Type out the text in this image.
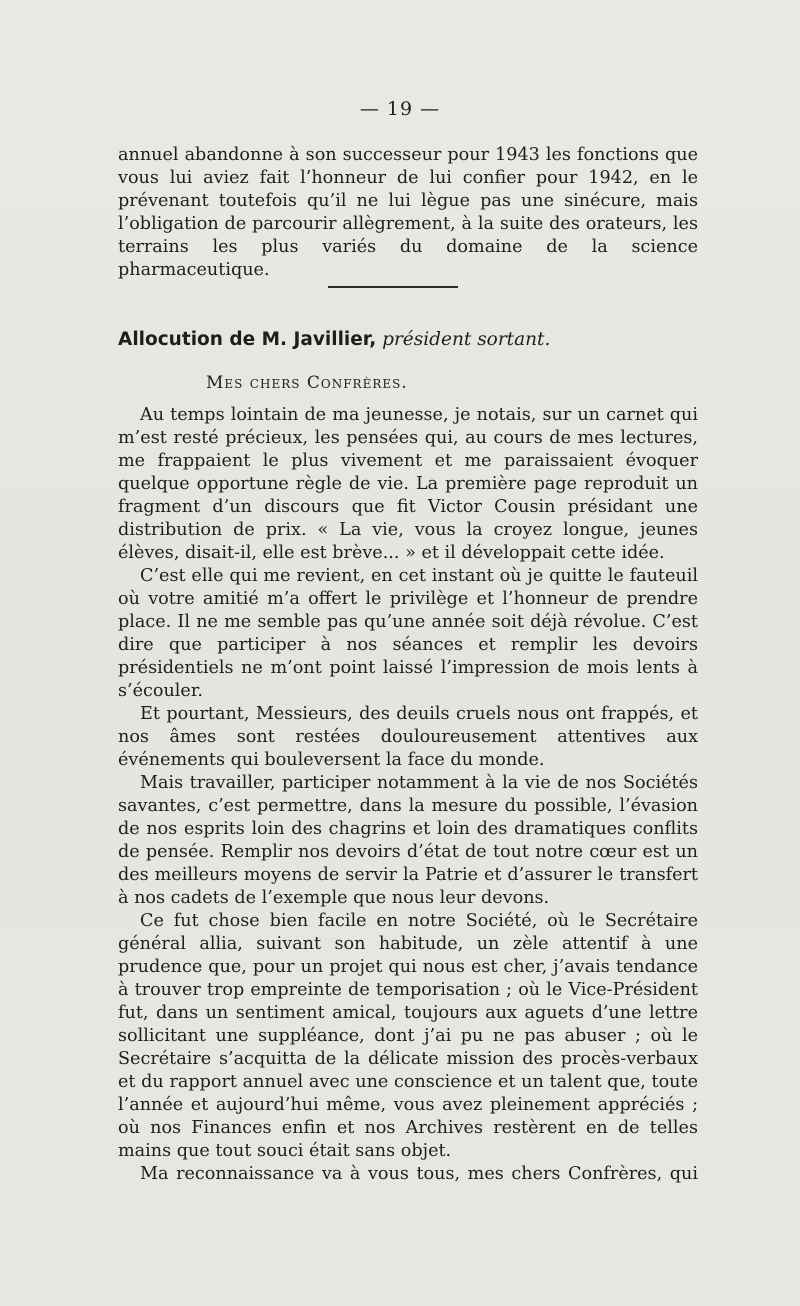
— 19 —

annuel abandonne à son successeur pour 1943 les fonctions que vous lui aviez fait l’honneur de lui confier pour 1942, en le prévenant toutefois qu’il ne lui lègue pas une sinécure, mais l’obligation de parcourir allègrement, à la suite des orateurs, les terrains les plus variés du domaine de la science pharmaceutique.

Allocution de M. Javillier, président sortant.
Mes chers Confrères.

Au temps lointain de ma jeunesse, je notais, sur un carnet qui m’est resté précieux, les pensées qui, au cours de mes lectures, me frappaient le plus vivement et me paraissaient évoquer quelque opportune règle de vie. La première page reproduit un fragment d’un discours que fit Victor Cousin présidant une distribution de prix. « La vie, vous la croyez longue, jeunes élèves, disait-il, elle est brève... » et il développait cette idée.

C’est elle qui me revient, en cet instant où je quitte le fauteuil où votre amitié m’a offert le privilège et l’honneur de prendre place. Il ne me semble pas qu’une année soit déjà révolue. C’est dire que participer à nos séances et remplir les devoirs présidentiels ne m’ont point laissé l’impression de mois lents à s’écouler.

Et pourtant, Messieurs, des deuils cruels nous ont frappés, et nos âmes sont restées douloureusement attentives aux événements qui bouleversent la face du monde.

Mais travailler, participer notamment à la vie de nos Sociétés savantes, c’est permettre, dans la mesure du possible, l’évasion de nos esprits loin des chagrins et loin des dramatiques conflits de pensée. Remplir nos devoirs d’état de tout notre cœur est un des meilleurs moyens de servir la Patrie et d’assurer le transfert à nos cadets de l’exemple que nous leur devons.

Ce fut chose bien facile en notre Société, où le Secrétaire général allia, suivant son habitude, un zèle attentif à une prudence que, pour un projet qui nous est cher, j’avais tendance à trouver trop empreinte de temporisation ; où le Vice-Président fut, dans un sentiment amical, toujours aux aguets d’une lettre sollicitant une suppléance, dont j’ai pu ne pas abuser ; où le Secrétaire s’acquitta de la délicate mission des procès-verbaux et du rapport annuel avec une conscience et un talent que, toute l’année et aujourd’hui même, vous avez pleinement appréciés ; où nos Finances enfin et nos Archives restèrent en de telles mains que tout souci était sans objet.

Ma reconnaissance va à vous tous, mes chers Confrères, qui
